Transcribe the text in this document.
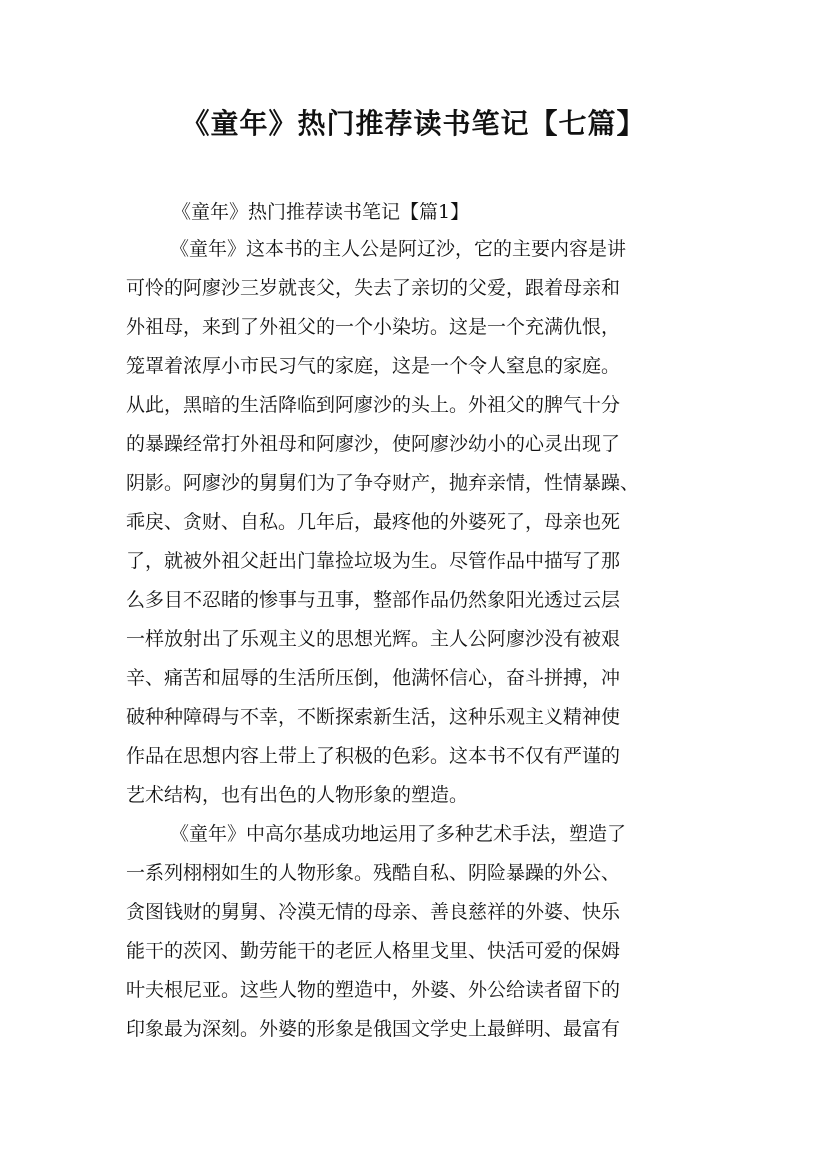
《童年》热门推荐读书笔记【七篇】
《童年》热门推荐读书笔记【篇1】
《童年》这本书的主人公是阿辽沙，它的主要内容是讲
可怜的阿廖沙三岁就丧父，失去了亲切的父爱，跟着母亲和
外祖母，来到了外祖父的一个小染坊。这是一个充满仇恨，
笼罩着浓厚小市民习气的家庭，这是一个令人窒息的家庭。
从此，黑暗的生活降临到阿廖沙的头上。外祖父的脾气十分
的暴躁经常打外祖母和阿廖沙，使阿廖沙幼小的心灵出现了
阴影。阿廖沙的舅舅们为了争夺财产，抛弃亲情，性情暴躁、
乖戾、贪财、自私。几年后，最疼他的外婆死了，母亲也死
了，就被外祖父赶出门靠捡垃圾为生。尽管作品中描写了那
么多目不忍睹的惨事与丑事，整部作品仍然象阳光透过云层
一样放射出了乐观主义的思想光辉。主人公阿廖沙没有被艰
辛、痛苦和屈辱的生活所压倒，他满怀信心，奋斗拼搏，冲
破种种障碍与不幸，不断探索新生活，这种乐观主义精神使
作品在思想内容上带上了积极的色彩。这本书不仅有严谨的
艺术结构，也有出色的人物形象的塑造。
《童年》中高尔基成功地运用了多种艺术手法，塑造了
一系列栩栩如生的人物形象。残酷自私、阴险暴躁的外公、
贪图钱财的舅舅、冷漠无情的母亲、善良慈祥的外婆、快乐
能干的茨冈、勤劳能干的老匠人格里戈里、快活可爱的保姆
叶夫根尼亚。这些人物的塑造中，外婆、外公给读者留下的
印象最为深刻。外婆的形象是俄国文学史上最鲜明、最富有
